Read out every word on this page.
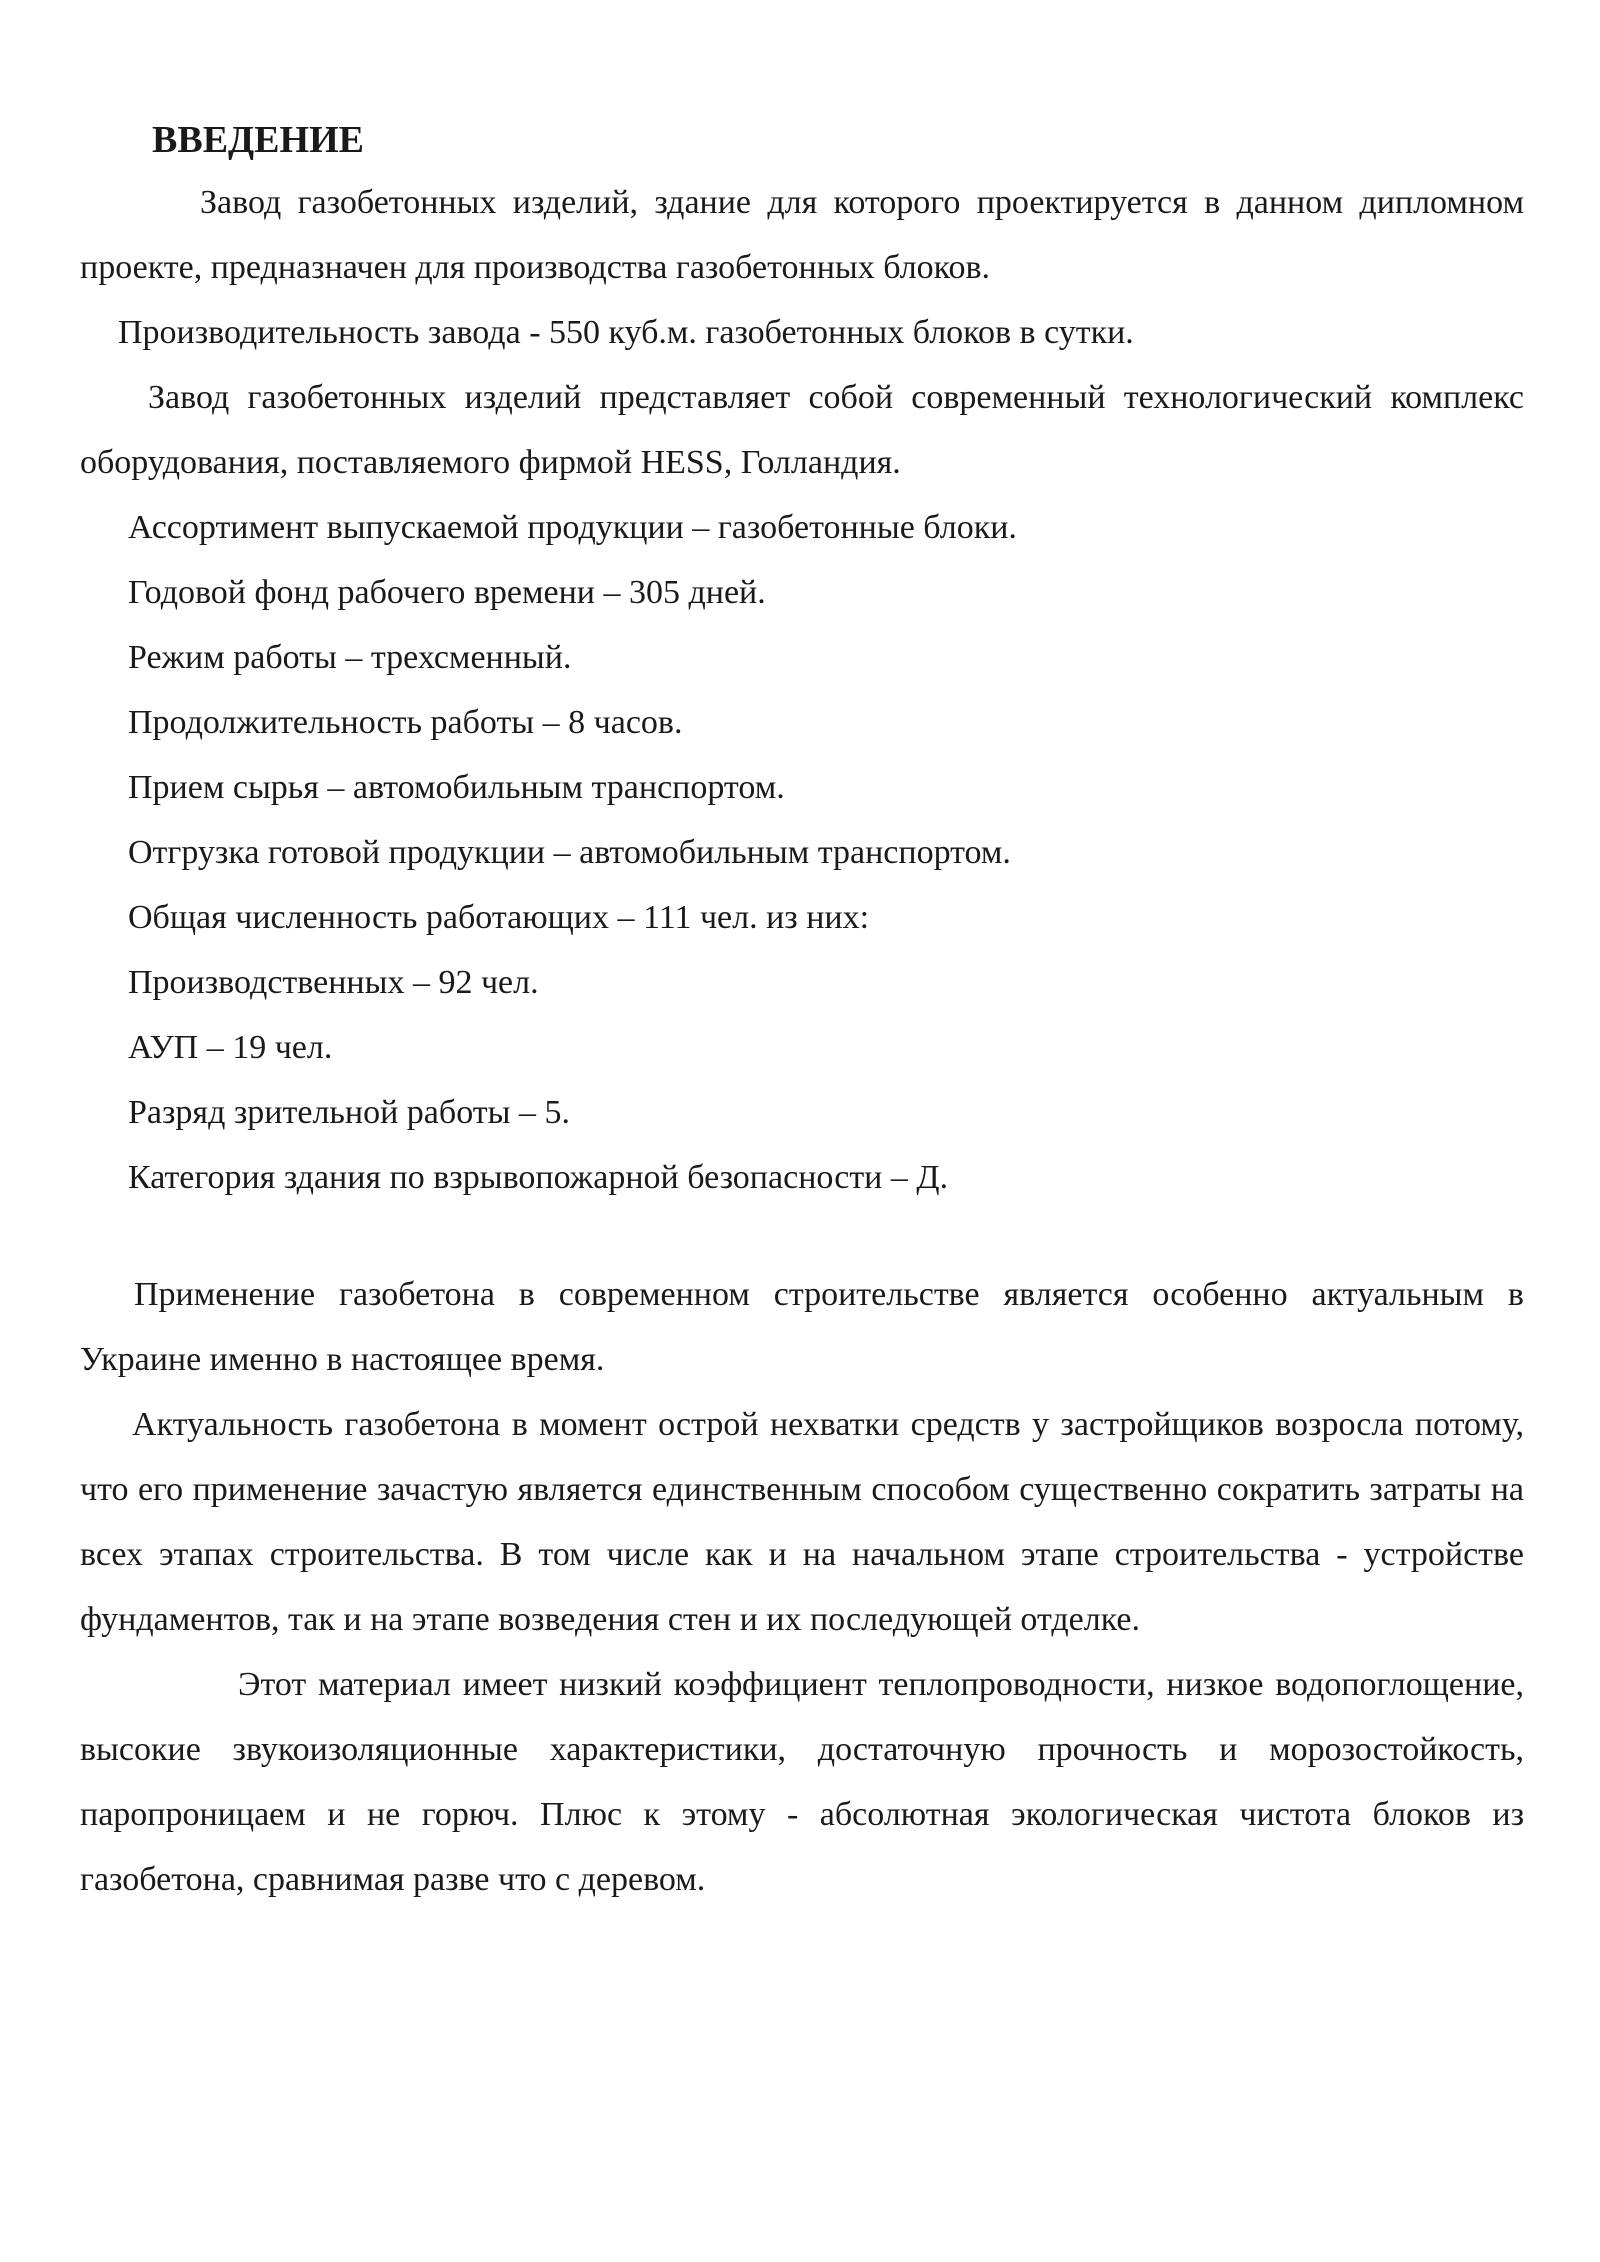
ВВЕДЕНИЕ

Завод газобетонных изделий, здание для которого проектируется в данном дипломном проекте, предназначен для производства газобетонных блоков.

Производительность завода - 550 куб.м. газобетонных блоков в сутки.

Завод газобетонных изделий представляет собой современный технологический комплекс оборудования, поставляемого фирмой HESS, Голландия.

Ассортимент выпускаемой продукции – газобетонные блоки.

Годовой фонд рабочего времени – 305 дней.

Режим работы – трехсменный.

Продолжительность работы – 8 часов.

Прием сырья – автомобильным транспортом.

Отгрузка готовой продукции – автомобильным транспортом.

Общая численность работающих – 111 чел. из них:

Производственных – 92 чел.

АУП – 19 чел.

Разряд зрительной работы – 5.

Категория здания по взрывопожарной безопасности – Д.

Применение газобетона в современном строительстве является особенно актуальным в Украине именно в настоящее время.

Актуальность газобетона в момент острой нехватки средств у застройщиков возросла потому, что его применение зачастую является единственным способом существенно сократить затраты на всех этапах строительства. В том числе как и на начальном этапе строительства - устройстве фундаментов, так и на этапе возведения стен и их последующей отделке.

Этот материал имеет низкий коэффициент теплопроводности, низкое водопоглощение, высокие звукоизоляционные характеристики, достаточную прочность и морозостойкость, паропроницаем и не горюч. Плюс к этому - абсолютная экологическая чистота блоков из газобетона, сравнимая разве что с деревом.
